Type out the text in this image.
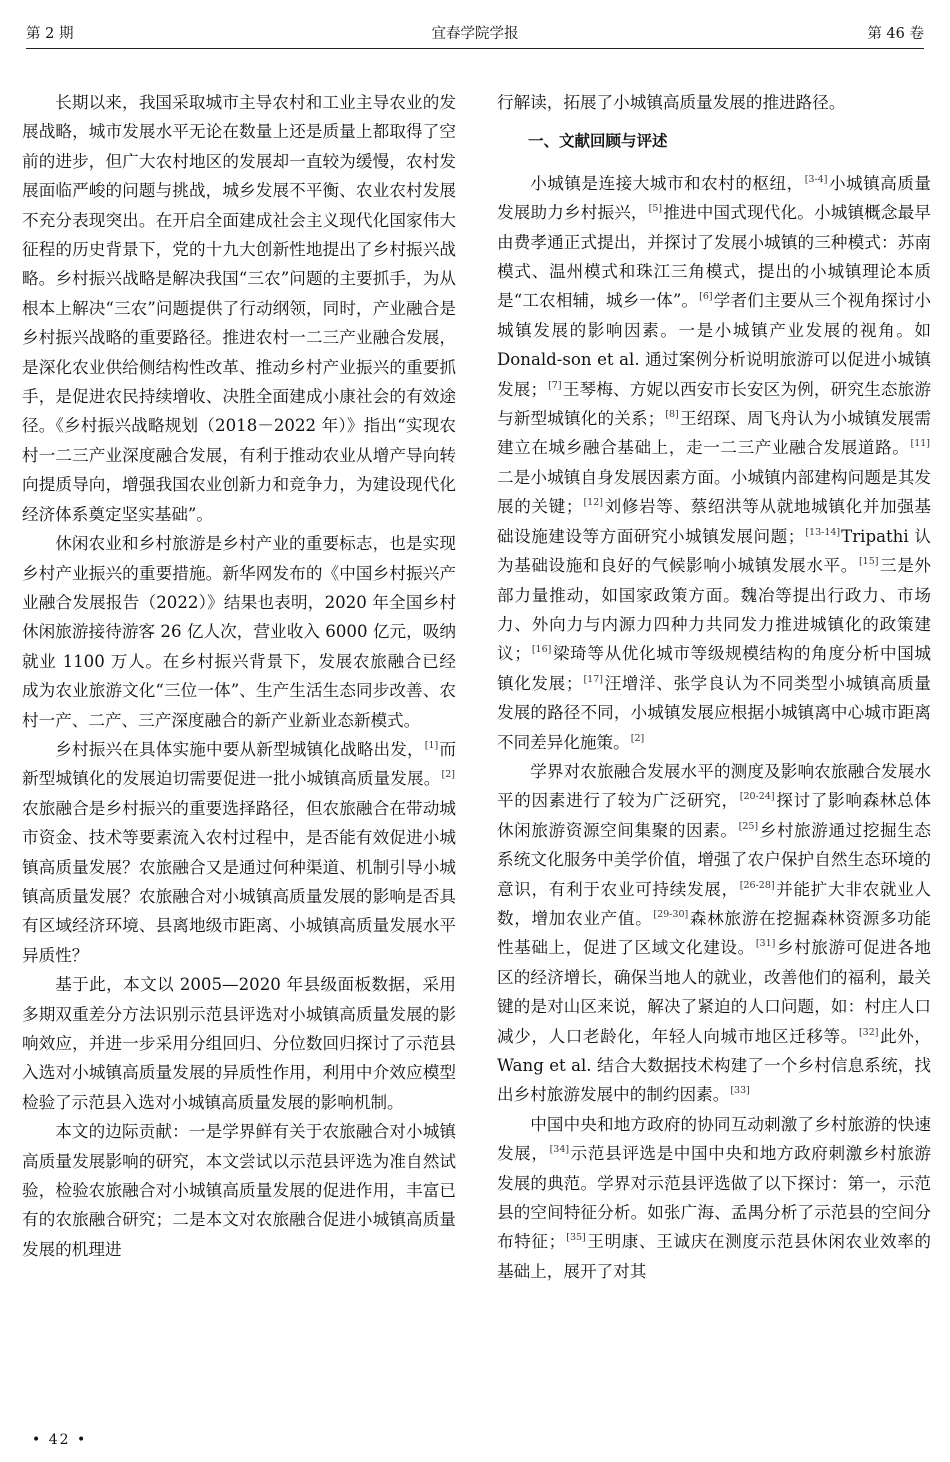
第 2 期	宜春学院学报	第 46 卷

长期以来，我国采取城市主导农村和工业主导农业的发展战略，城市发展水平无论在数量上还是质量上都取得了空前的进步，但广大农村地区的发展却一直较为缓慢，农村发展面临严峻的问题与挑战，城乡发展不平衡、农业农村发展不充分表现突出。在开启全面建成社会主义现代化国家伟大征程的历史背景下，党的十九大创新性地提出了乡村振兴战略。乡村振兴战略是解决我国“三农”问题的主要抓手，为从根本上解决“三农”问题提供了行动纲领，同时，产业融合是乡村振兴战略的重要路径。推进农村一二三产业融合发展，是深化农业供给侧结构性改革、推动乡村产业振兴的重要抓手，是促进农民持续增收、决胜全面建成小康社会的有效途径。《乡村振兴战略规划（2018－2022 年）》指出“实现农村一二三产业深度融合发展，有利于推动农业从增产导向转向提质导向，增强我国农业创新力和竞争力，为建设现代化经济体系奠定坚实基础”。

休闲农业和乡村旅游是乡村产业的重要标志，也是实现乡村产业振兴的重要措施。新华网发布的《中国乡村振兴产业融合发展报告（2022）》结果也表明，2020 年全国乡村休闲旅游接待游客 26 亿人次，营业收入 6000 亿元，吸纳就业 1100 万人。在乡村振兴背景下，发展农旅融合已经成为农业旅游文化“三位一体”、生产生活生态同步改善、农村一产、二产、三产深度融合的新产业新业态新模式。

乡村振兴在具体实施中要从新型城镇化战略出发，[1]而新型城镇化的发展迫切需要促进一批小城镇高质量发展。[2]农旅融合是乡村振兴的重要选择路径，但农旅融合在带动城市资金、技术等要素流入农村过程中，是否能有效促进小城镇高质量发展？农旅融合又是通过何种渠道、机制引导小城镇高质量发展？农旅融合对小城镇高质量发展的影响是否具有区域经济环境、县离地级市距离、小城镇高质量发展水平异质性？

基于此，本文以 2005—2020 年县级面板数据，采用多期双重差分方法识别示范县评选对小城镇高质量发展的影响效应，并进一步采用分组回归、分位数回归探讨了示范县入选对小城镇高质量发展的异质性作用，利用中介效应模型检验了示范县入选对小城镇高质量发展的影响机制。

本文的边际贡献：一是学界鲜有关于农旅融合对小城镇高质量发展影响的研究，本文尝试以示范县评选为准自然试验，检验农旅融合对小城镇高质量发展的促进作用，丰富已有的农旅融合研究；二是本文对农旅融合促进小城镇高质量发展的机理进

行解读，拓展了小城镇高质量发展的推进路径。

一、文献回顾与评述

小城镇是连接大城市和农村的枢纽，[3-4]小城镇高质量发展助力乡村振兴，[5]推进中国式现代化。小城镇概念最早由费孝通正式提出，并探讨了发展小城镇的三种模式：苏南模式、温州模式和珠江三角模式，提出的小城镇理论本质是“工农相辅，城乡一体”。[6]学者们主要从三个视角探讨小城镇发展的影响因素。一是小城镇产业发展的视角。如 Donald-son et al. 通过案例分析说明旅游可以促进小城镇发展；[7]王琴梅、方妮以西安市长安区为例，研究生态旅游与新型城镇化的关系；[8]王绍琛、周飞舟认为小城镇发展需建立在城乡融合基础上，走一二三产业融合发展道路。[11]二是小城镇自身发展因素方面。小城镇内部建构问题是其发展的关键；[12]刘修岩等、蔡绍洪等从就地城镇化并加强基础设施建设等方面研究小城镇发展问题；[13-14]Tripathi 认为基础设施和良好的气候影响小城镇发展水平。[15]三是外部力量推动，如国家政策方面。魏冶等提出行政力、市场力、外向力与内源力四种力共同发力推进城镇化的政策建议；[16]梁琦等从优化城市等级规模结构的角度分析中国城镇化发展；[17]汪增洋、张学良认为不同类型小城镇高质量发展的路径不同，小城镇发展应根据小城镇离中心城市距离不同差异化施策。[2]

学界对农旅融合发展水平的测度及影响农旅融合发展水平的因素进行了较为广泛研究，[20-24]探讨了影响森林总体休闲旅游资源空间集聚的因素。[25]乡村旅游通过挖掘生态系统文化服务中美学价值，增强了农户保护自然生态环境的意识，有利于农业可持续发展，[26-28]并能扩大非农就业人数，增加农业产值。[29-30]森林旅游在挖掘森林资源多功能性基础上，促进了区域文化建设。[31]乡村旅游可促进各地区的经济增长，确保当地人的就业，改善他们的福利，最关键的是对山区来说，解决了紧迫的人口问题，如：村庄人口减少，人口老龄化，年轻人向城市地区迁移等。[32]此外，Wang et al. 结合大数据技术构建了一个乡村信息系统，找出乡村旅游发展中的制约因素。[33]

中国中央和地方政府的协同互动刺激了乡村旅游的快速发展，[34]示范县评选是中国中央和地方政府刺激乡村旅游发展的典范。学界对示范县评选做了以下探讨：第一，示范县的空间特征分析。如张广海、孟禺分析了示范县的空间分布特征；[35]王明康、王诚庆在测度示范县休闲农业效率的基础上，展开了对其

• 42 •
